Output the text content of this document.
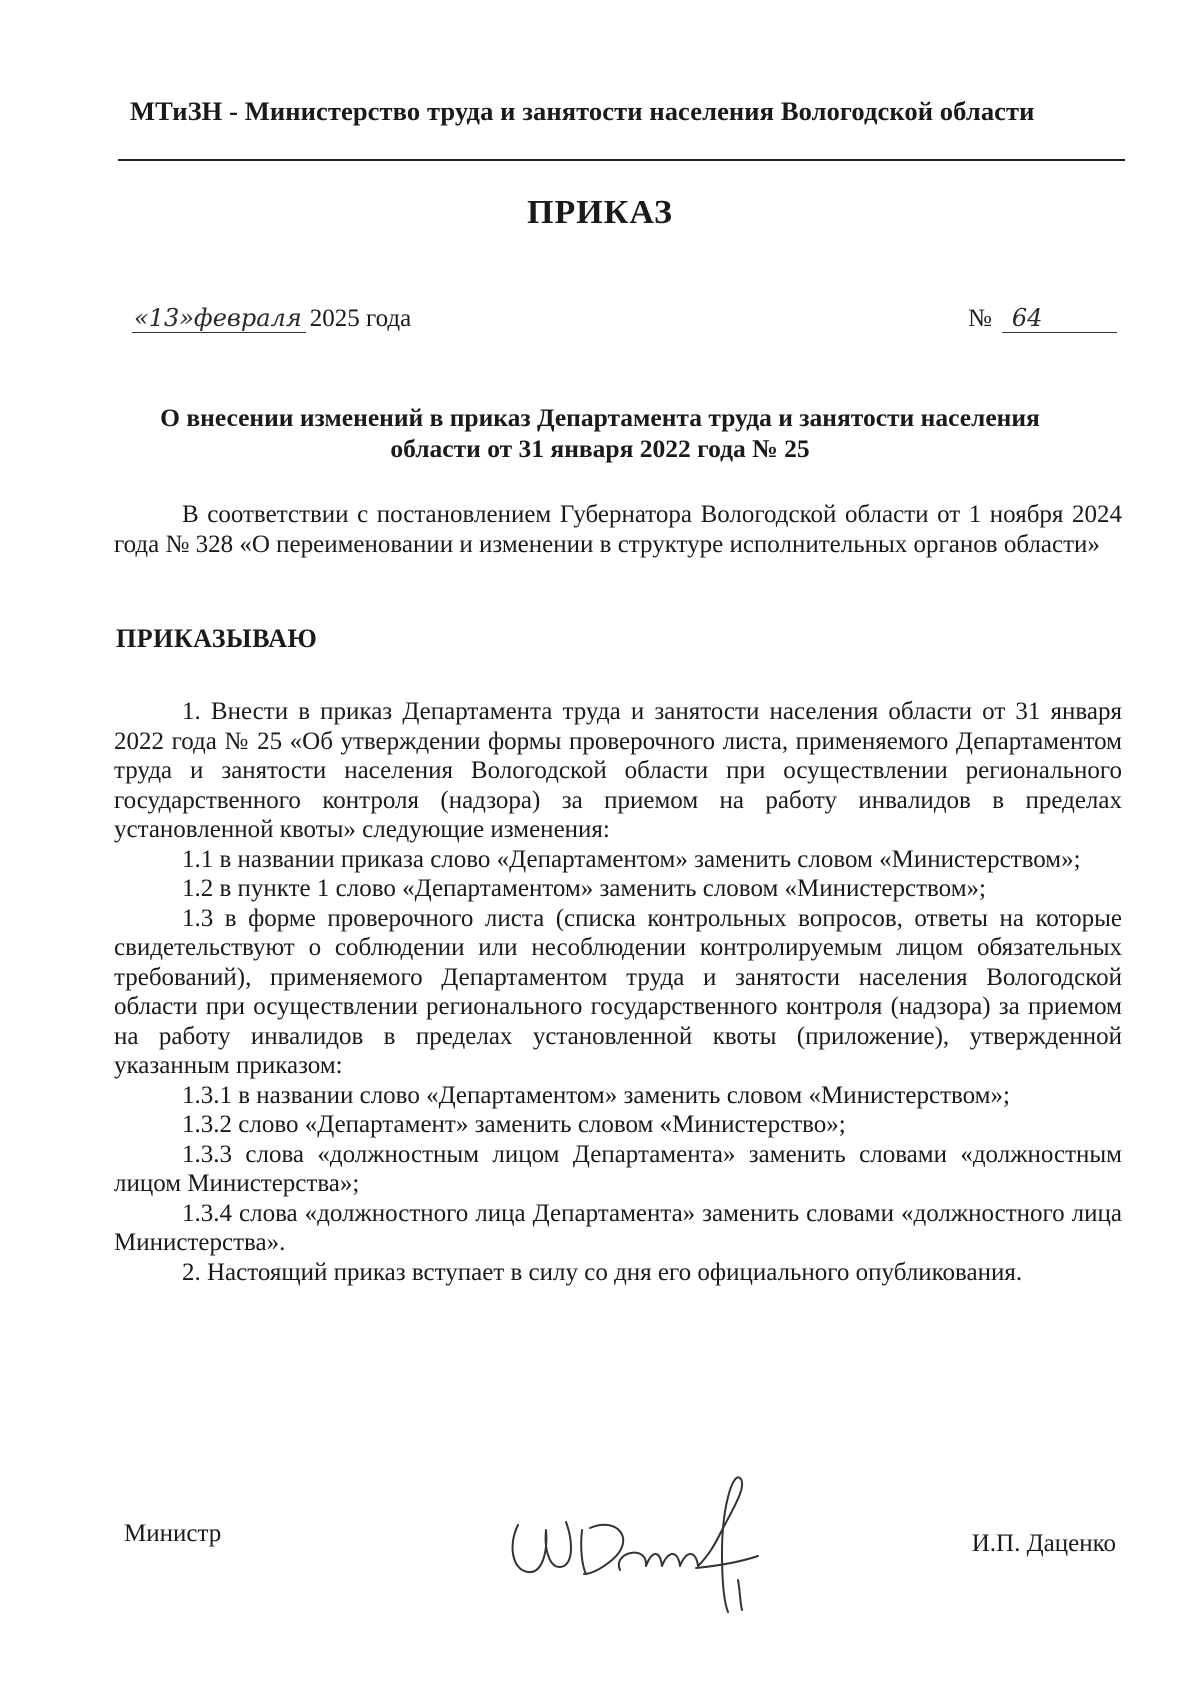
МТиЗН - Министерство труда и занятости населения Вологодской области
ПРИКАЗ
«13»февраля 2025 года	№ 64
О внесении изменений в приказ Департамента труда и занятости населения области от 31 января 2022 года № 25

В соответствии с постановлением Губернатора Вологодской области от 1 ноября 2024 года № 328 «О переименовании и изменении в структуре исполнительных органов области»

ПРИКАЗЫВАЮ

1. Внести в приказ Департамента труда и занятости населения области от 31 января 2022 года № 25 «Об утверждении формы проверочного листа, применяемого Департаментом труда и занятости населения Вологодской области при осуществлении регионального государственного контроля (надзора) за приемом на работу инвалидов в пределах установленной квоты» следующие изменения:

1.1 в названии приказа слово «Департаментом» заменить словом «Министерством»;

1.2 в пункте 1 слово «Департаментом» заменить словом «Министерством»;

1.3 в форме проверочного листа (списка контрольных вопросов, ответы на которые свидетельствуют о соблюдении или несоблюдении контролируемым лицом обязательных требований), применяемого Департаментом труда и занятости населения Вологодской области при осуществлении регионального государственного контроля (надзора) за приемом на работу инвалидов в пределах установленной квоты (приложение), утвержденной указанным приказом:

1.3.1 в названии слово «Департаментом» заменить словом «Министерством»;

1.3.2 слово «Департамент» заменить словом «Министерство»;

1.3.3 слова «должностным лицом Департамента» заменить словами «должностным лицом Министерства»;

1.3.4 слова «должностного лица Департамента» заменить словами «должностного лица Министерства».

2. Настоящий приказ вступает в силу со дня его официального опубликования.

Министр	И.П. Даценко
